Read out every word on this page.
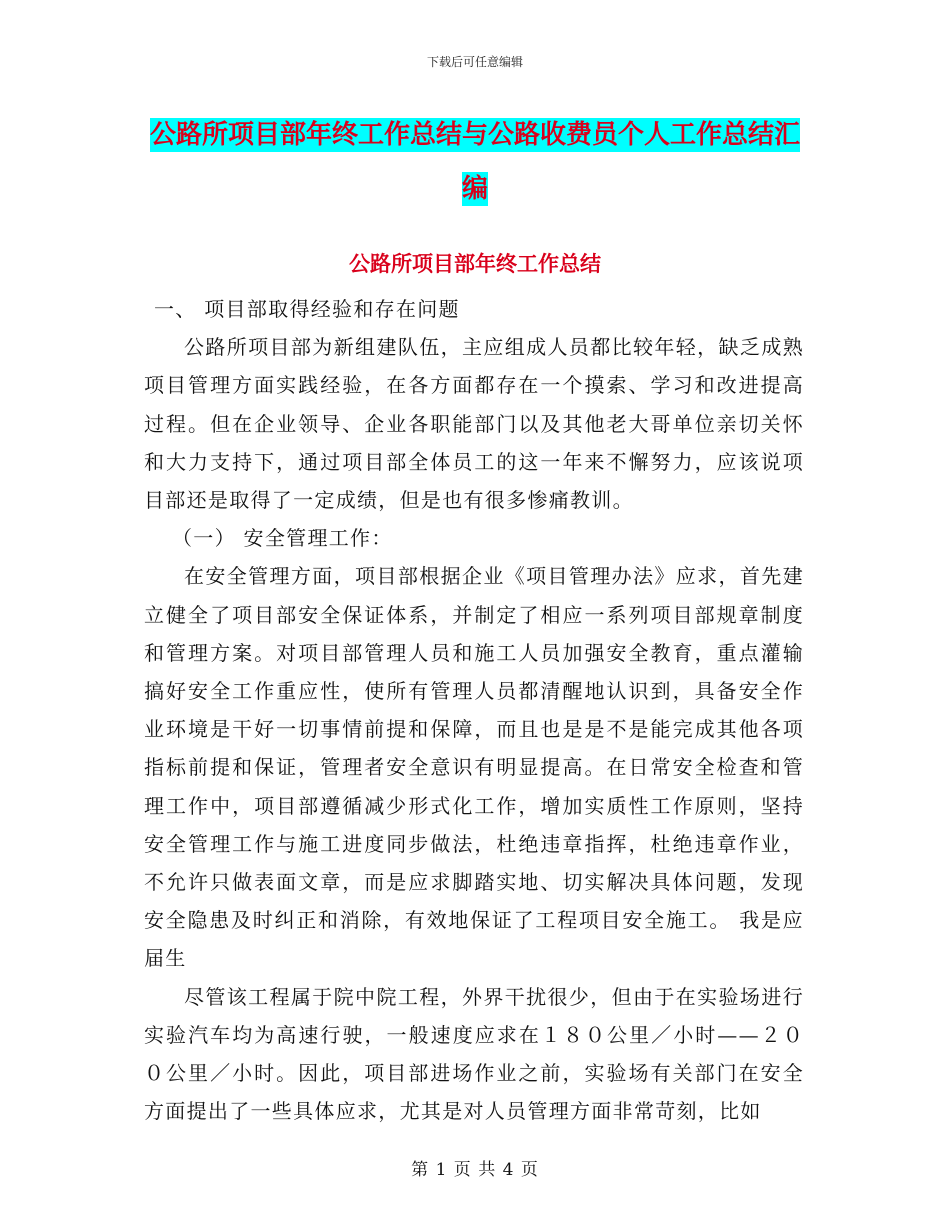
下载后可任意编辑
公路所项目部年终工作总结与公路收费员个人工作总结汇编
公路所项目部年终工作总结

一、 项目部取得经验和存在问题

公路所项目部为新组建队伍，主应组成人员都比较年轻，缺乏成熟项目管理方面实践经验，在各方面都存在一个摸索、学习和改进提高过程。但在企业领导、企业各职能部门以及其他老大哥单位亲切关怀和大力支持下，通过项目部全体员工的这一年来不懈努力，应该说项目部还是取得了一定成绩，但是也有很多惨痛教训。

（一） 安全管理工作：

在安全管理方面，项目部根据企业《项目管理办法》应求，首先建立健全了项目部安全保证体系，并制定了相应一系列项目部规章制度和管理方案。对项目部管理人员和施工人员加强安全教育，重点灌输搞好安全工作重应性，使所有管理人员都清醒地认识到，具备安全作业环境是干好一切事情前提和保障，而且也是是不是能完成其他各项指标前提和保证，管理者安全意识有明显提高。在日常安全检查和管理工作中，项目部遵循减少形式化工作，增加实质性工作原则，坚持安全管理工作与施工进度同步做法，杜绝违章指挥，杜绝违章作业，不允许只做表面文章，而是应求脚踏实地、切实解决具体问题，发现安全隐患及时纠正和消除，有效地保证了工程项目安全施工。 我是应届生

尽管该工程属于院中院工程，外界干扰很少，但由于在实验场进行实验汽车均为高速行驶，一般速度应求在１８０公里／小时——２００公里／小时。因此，项目部进场作业之前，实验场有关部门在安全方面提出了一些具体应求，尤其是对人员管理方面非常苛刻，比如

第 1 页 共 4 页
